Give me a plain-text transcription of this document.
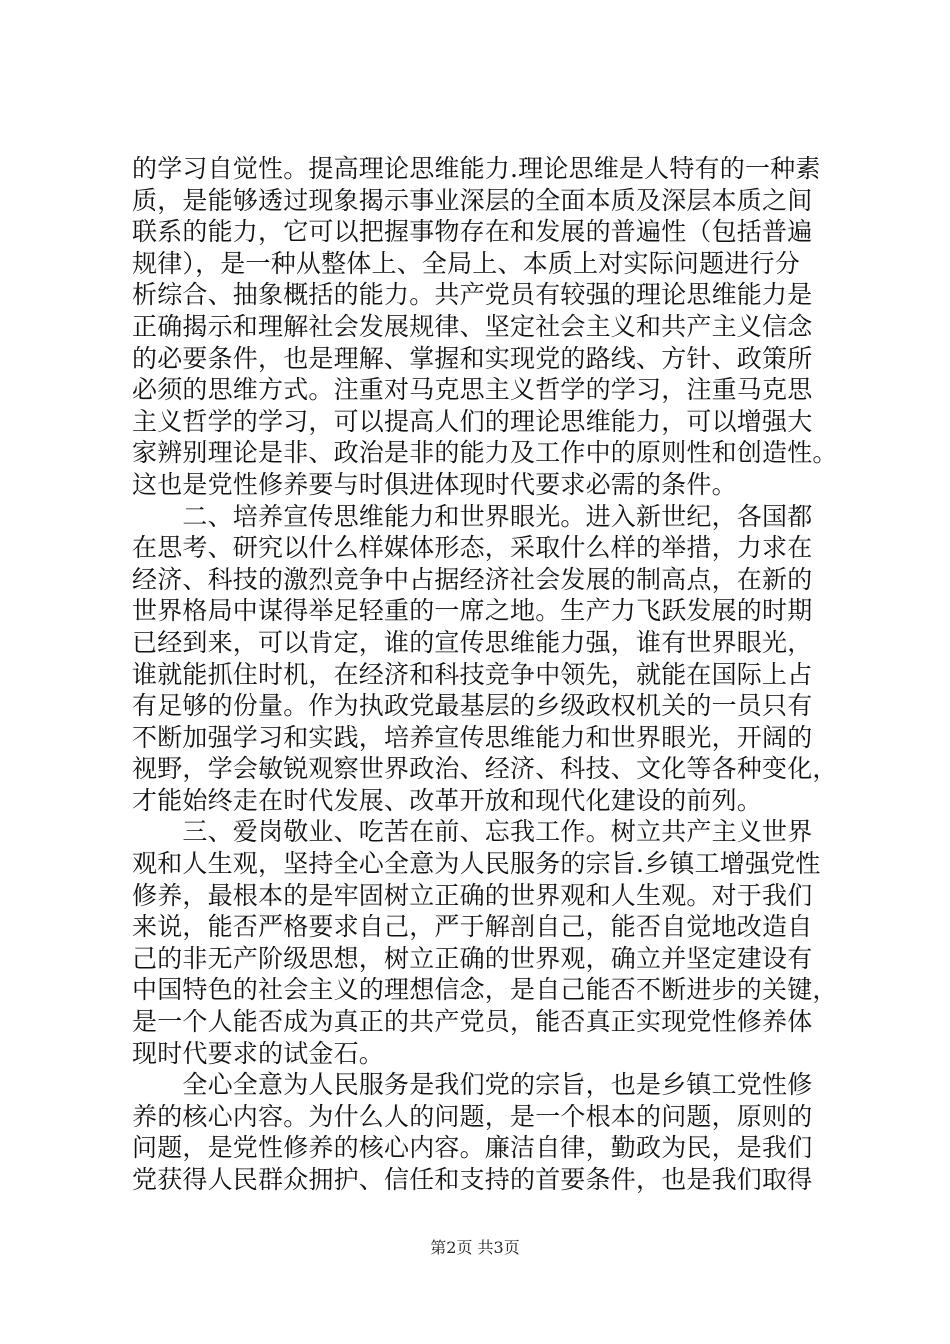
的学习自觉性。提高理论思维能力.理论思维是人特有的一种素
质，是能够透过现象揭示事业深层的全面本质及深层本质之间
联系的能力，它可以把握事物存在和发展的普遍性（包括普遍
规律），是一种从整体上、全局上、本质上对实际问题进行分
析综合、抽象概括的能力。共产党员有较强的理论思维能力是
正确揭示和理解社会发展规律、坚定社会主义和共产主义信念
的必要条件，也是理解、掌握和实现党的路线、方针、政策所
必须的思维方式。注重对马克思主义哲学的学习，注重马克思
主义哲学的学习，可以提高人们的理论思维能力，可以增强大
家辨别理论是非、政治是非的能力及工作中的原则性和创造性。
这也是党性修养要与时俱进体现时代要求必需的条件。
　　二、培养宣传思维能力和世界眼光。进入新世纪，各国都
在思考、研究以什么样媒体形态，采取什么样的举措，力求在
经济、科技的激烈竞争中占据经济社会发展的制高点，在新的
世界格局中谋得举足轻重的一席之地。生产力飞跃发展的时期
已经到来，可以肯定，谁的宣传思维能力强，谁有世界眼光，
谁就能抓住时机，在经济和科技竞争中领先，就能在国际上占
有足够的份量。作为执政党最基层的乡级政权机关的一员只有
不断加强学习和实践，培养宣传思维能力和世界眼光，开阔的
视野，学会敏锐观察世界政治、经济、科技、文化等各种变化，
才能始终走在时代发展、改革开放和现代化建设的前列。
　　三、爱岗敬业、吃苦在前、忘我工作。树立共产主义世界
观和人生观，坚持全心全意为人民服务的宗旨.乡镇工增强党性
修养，最根本的是牢固树立正确的世界观和人生观。对于我们
来说，能否严格要求自己，严于解剖自己，能否自觉地改造自
己的非无产阶级思想，树立正确的世界观，确立并坚定建设有
中国特色的社会主义的理想信念，是自己能否不断进步的关键，
是一个人能否成为真正的共产党员，能否真正实现党性修养体
现时代要求的试金石。
　　全心全意为人民服务是我们党的宗旨，也是乡镇工党性修
养的核心内容。为什么人的问题，是一个根本的问题，原则的
问题，是党性修养的核心内容。廉洁自律，勤政为民，是我们
党获得人民群众拥护、信任和支持的首要条件，也是我们取得
第2页 共3页
